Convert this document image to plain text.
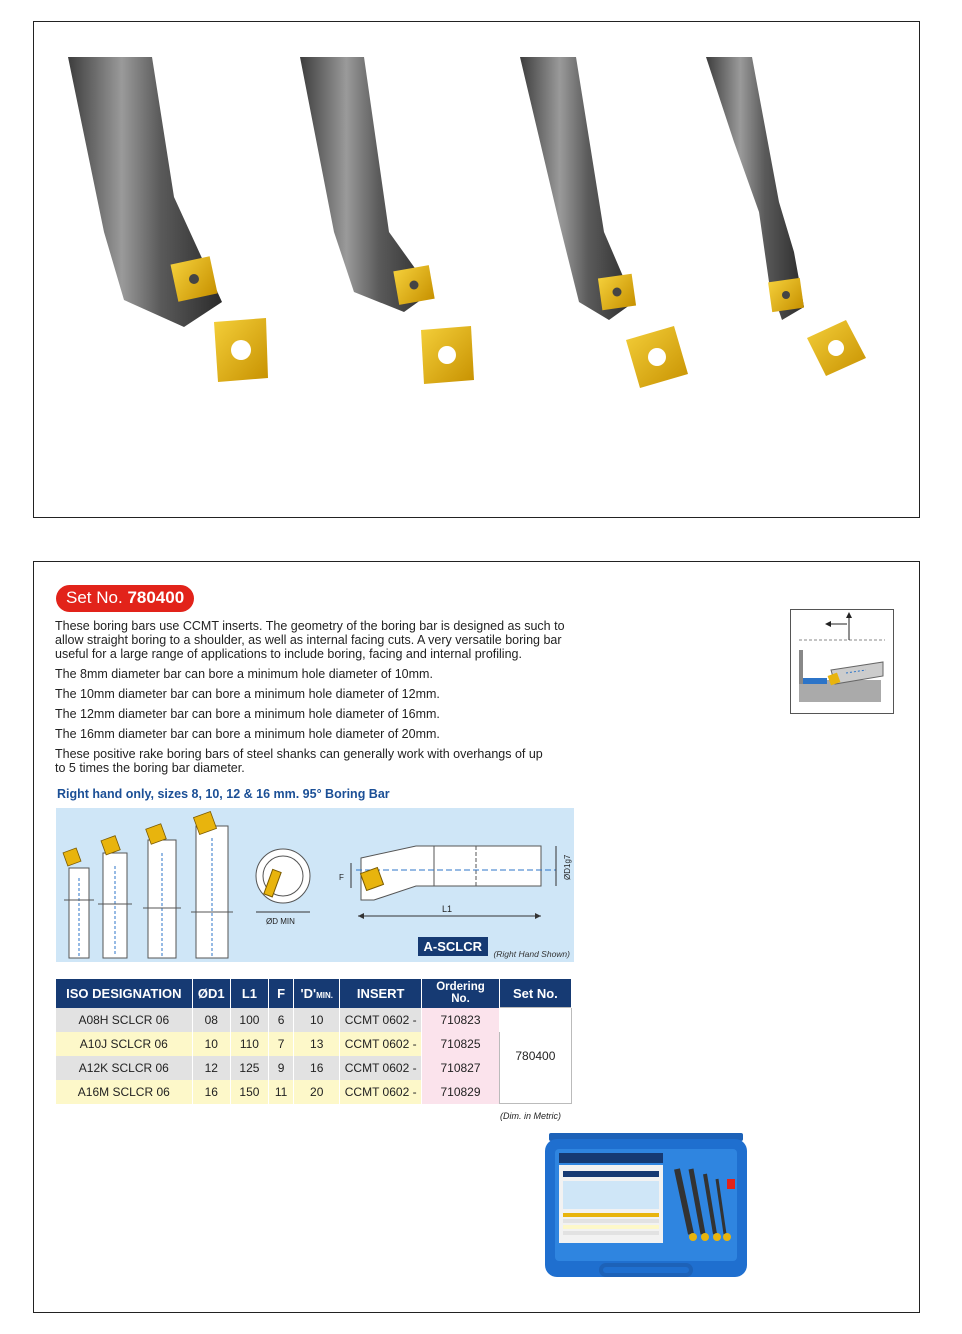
Set No. 780400

These boring bars use CCMT inserts. The geometry of the boring bar is designed as such to allow straight boring to a shoulder, as well as internal facing cuts. A very versatile boring bar useful for a large range of applications to include boring, facing and internal profiling.

The 8mm diameter bar can bore a minimum hole diameter of 10mm.

The 10mm diameter bar can bore a minimum hole diameter of 12mm.

The 12mm diameter bar can bore a minimum hole diameter of 16mm.

The 16mm diameter bar can bore a minimum hole diameter of 20mm.

These positive rake boring bars of steel shanks can generally work with overhangs of up to 5 times the boring bar diameter.

Right hand only, sizes 8, 10, 12 & 16 mm. 95° Boring Bar
ØD MIN
L1
F	ØD1g7
A-SCLCR	(Right Hand Shown)
ISO DESIGNATION	ØD1	L1	F	'D'MIN.	INSERT	Ordering No.	Set No.
A08H SCLCR 06	08	100	6	10	CCMT 0602 -	710823	780400
A10J SCLCR 06	10	110	7	13	CCMT 0602 -	710825	
A12K SCLCR 06	12	125	9	16	CCMT 0602 -	710827	
A16M SCLCR 06	16	150	11	20	CCMT 0602 -	710829	
(Dim. in Metric)
